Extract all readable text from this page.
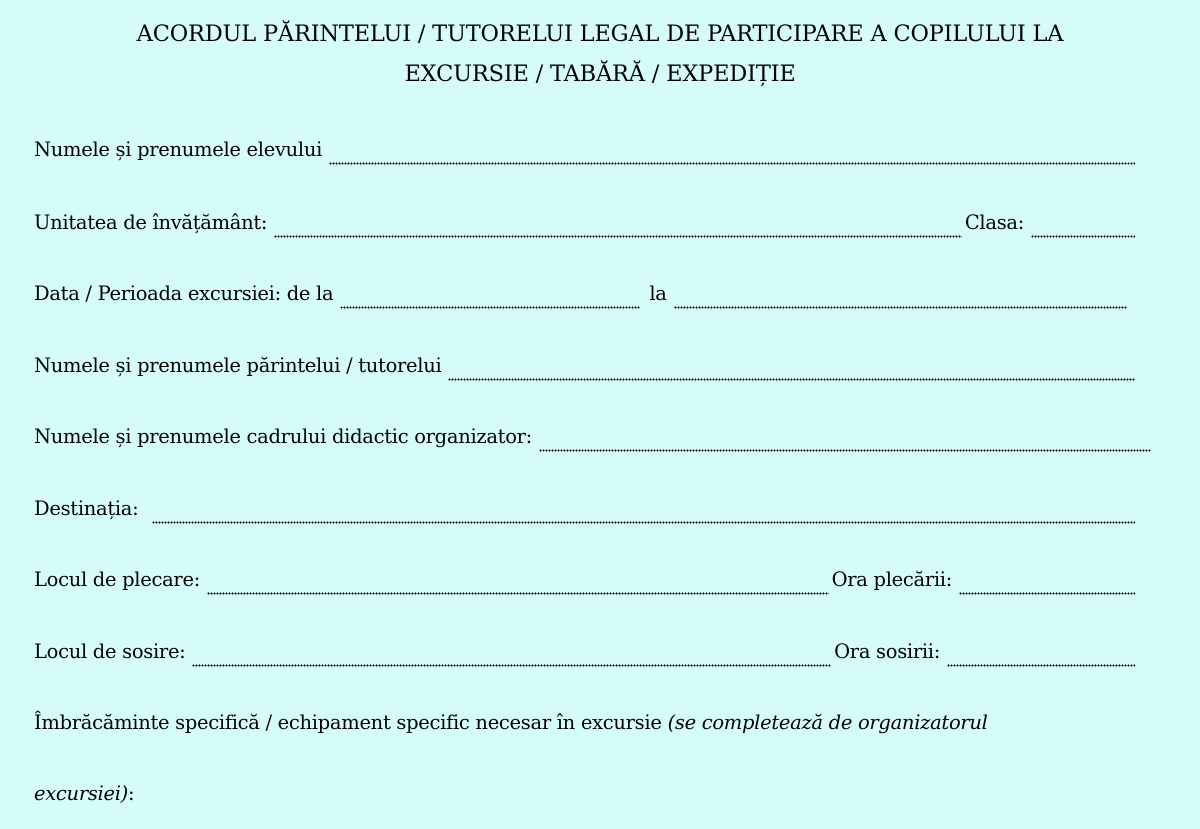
ACORDUL PĂRINTELUI / TUTORELUI LEGAL DE PARTICIPARE A COPILULUI LA
EXCURSIE / TABĂRĂ / EXPEDIȚIE
Numele și prenumele elevului
Unitatea de învățământ:	Clasa:
Data / Perioada excursiei: de la	la
Numele și prenumele părintelui / tutorelui
Numele și prenumele cadrului didactic organizator:
Destinația:
Locul de plecare:	Ora plecării:
Locul de sosire:	Ora sosirii:
Îmbrăcăminte specifică / echipament specific necesar în excursie (se completează de organizatorul
excursiei) :
